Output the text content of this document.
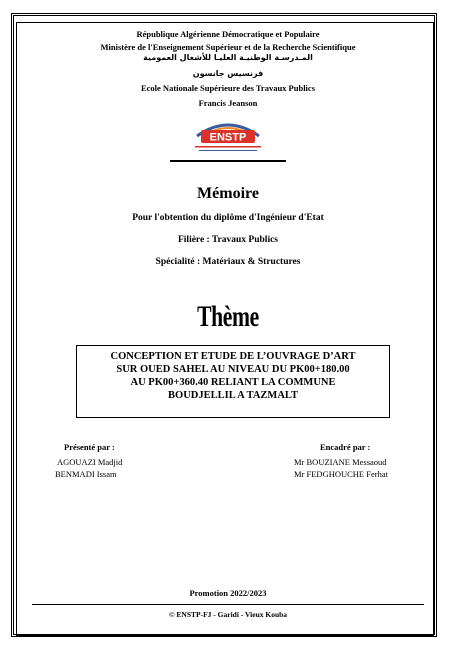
République Algérienne Démocratique et Populaire
Ministère de l'Enseignement Supérieur et de la Recherche Scientifique
المـدرسـة الوطنيـة العليـا للأشغال العمومية
فرنسيس جانسون
Ecole Nationale Supérieure des Travaux Publics
Francis Jeanson
ENSTP
Mémoire
Pour l'obtention du diplôme d'Ingénieur d'Etat
Filière : Travaux Publics
Spécialité : Matériaux & Structures
Thème
CONCEPTION ET ETUDE DE L’OUVRAGE D’ART
SUR OUED SAHEL AU NIVEAU DU PK00+180.00
AU PK00+360.40 RELIANT LA COMMUNE
BOUDJELLIL A TAZMALT
Présenté par :
AGOUAZI Madjid
BENMADI Issam
Encadré par :
Mr BOUZIANE Messaoud
Mr FEDGHOUCHE Ferhat
Promotion 2022/2023
© ENSTP-FJ - Garidi - Vieux Kouba
